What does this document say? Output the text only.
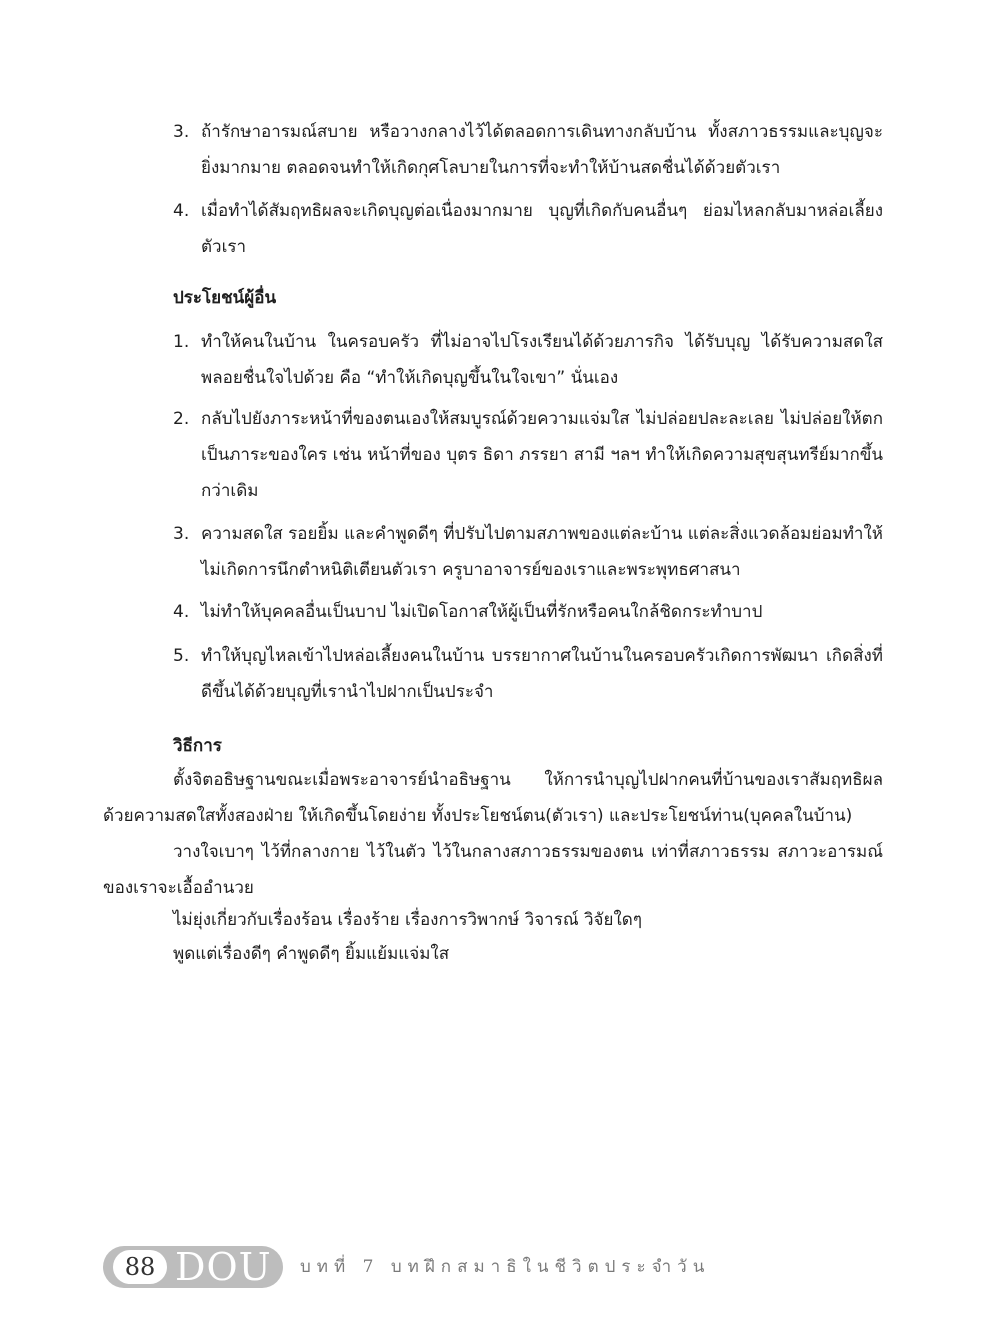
3. ถ้ารักษาอารมณ์สบาย หรือวางกลางไว้ได้ตลอดการเดินทางกลับบ้าน ทั้งสภาวธรรมและบุญจะยิ่งมากมาย ตลอดจนทำให้เกิดกุศโลบายในการที่จะทำให้บ้านสดชื่นได้ด้วยตัวเรา
4. เมื่อทำได้สัมฤทธิผลจะเกิดบุญต่อเนื่องมากมาย บุญที่เกิดกับคนอื่นๆ ย่อมไหลกลับมาหล่อเลี้ยงตัวเรา
ประโยชน์ผู้อื่น
1. ทำให้คนในบ้าน ในครอบครัว ที่ไม่อาจไปโรงเรียนได้ด้วยภารกิจ ได้รับบุญ ได้รับความสดใสพลอยชื่นใจไปด้วย คือ “ทำให้เกิดบุญขึ้นในใจเขา” นั่นเอง
2. กลับไปยังภาระหน้าที่ของตนเองให้สมบูรณ์ด้วยความแจ่มใส ไม่ปล่อยปละละเลย ไม่ปล่อยให้ตกเป็นภาระของใคร เช่น หน้าที่ของ บุตร ธิดา ภรรยา สามี ฯลฯ ทำให้เกิดความสุขสุนทรีย์มากขึ้นกว่าเดิม
3. ความสดใส รอยยิ้ม และคำพูดดีๆ ที่ปรับไปตามสภาพของแต่ละบ้าน แต่ละสิ่งแวดล้อมย่อมทำให้ไม่เกิดการนึกตำหนิติเตียนตัวเรา ครูบาอาจารย์ของเราและพระพุทธศาสนา
4. ไม่ทำให้บุคคลอื่นเป็นบาป ไม่เปิดโอกาสให้ผู้เป็นที่รักหรือคนใกล้ชิดกระทำบาป
5. ทำให้บุญไหลเข้าไปหล่อเลี้ยงคนในบ้าน บรรยากาศในบ้านในครอบครัวเกิดการพัฒนา เกิดสิ่งที่ดีขึ้นได้ด้วยบุญที่เรานำไปฝากเป็นประจำ
วิธีการ
ตั้งจิตอธิษฐานขณะเมื่อพระอาจารย์นำอธิษฐาน ให้การนำบุญไปฝากคนที่บ้านของเราสัมฤทธิผลด้วยความสดใสทั้งสองฝ่าย ให้เกิดขึ้นโดยง่าย ทั้งประโยชน์ตน(ตัวเรา) และประโยชน์ท่าน(บุคคลในบ้าน)
วางใจเบาๆ ไว้ที่กลางกาย ไว้ในตัว ไว้ในกลางสภาวธรรมของตน เท่าที่สภาวธรรม สภาวะอารมณ์ของเราจะเอื้ออำนวย
ไม่ยุ่งเกี่ยวกับเรื่องร้อน เรื่องร้าย เรื่องการวิพากษ์ วิจารณ์ วิจัยใดๆ
พูดแต่เรื่องดีๆ คำพูดดีๆ ยิ้มแย้มแจ่มใส
88 DOU บทที่ 7 บทฝึกสมาธิในชีวิตประจำวัน
